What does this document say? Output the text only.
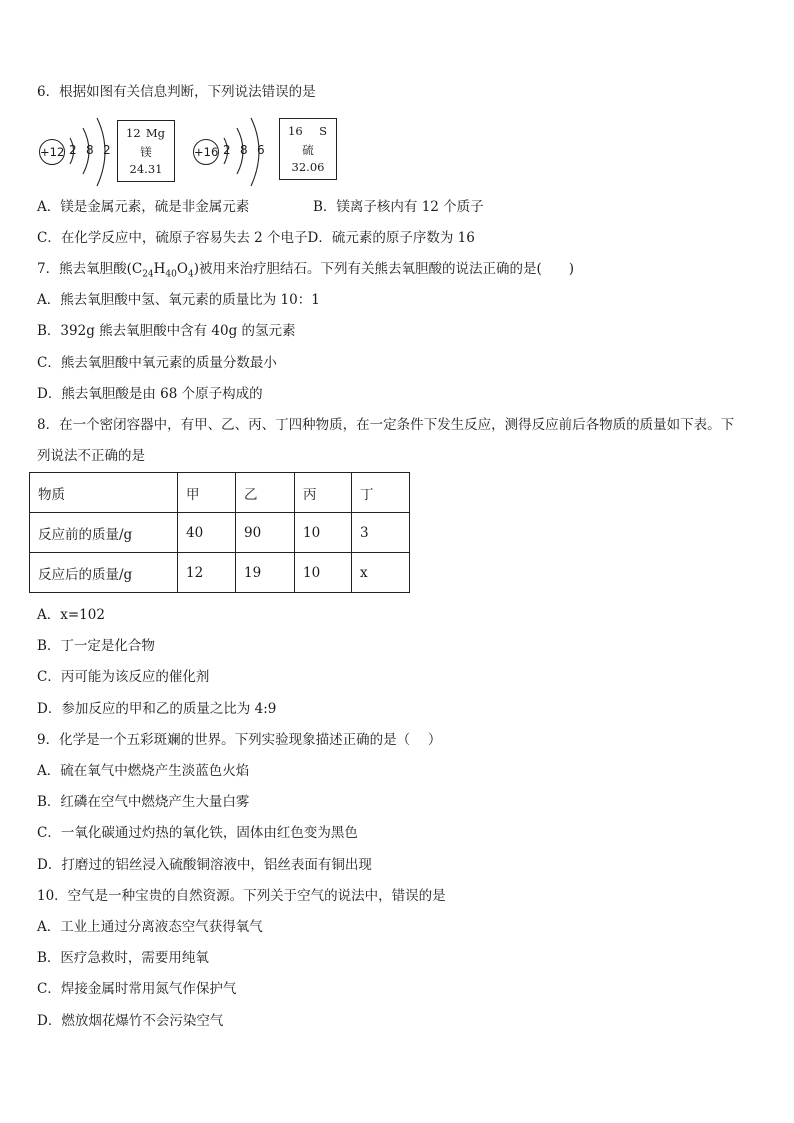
6．根据如图有关信息判断，下列说法错误的是
+12 2 8 2
12 Mg
镁
24.31
+16 2 8 6
16 S
硫
32.06
A．镁是金属元素，硫是非金属元素	B．镁离子核内有 12 个质子
C．在化学反应中，硫原子容易失去 2 个电子D．硫元素的原子序数为 16
7．熊去氧胆酸$(C_{24}H_{40}O_4)$被用来治疗胆结石。下列有关熊去氧胆酸的说法正确的是(　　)
A．熊去氧胆酸中氢、氧元素的质量比为 10：1
B．392g 熊去氧胆酸中含有 40g 的氢元素
C．熊去氧胆酸中氧元素的质量分数最小
D．熊去氧胆酸是由 68 个原子构成的
8．在一个密闭容器中，有甲、乙、丙、丁四种物质，在一定条件下发生反应，测得反应前后各物质的质量如下表。下
列说法不正确的是
物质	甲	乙	丙	丁
反应前的质量/g	40	90	10	3
反应后的质量/g	12	19	10	x
A．x=102
B．丁一定是化合物
C．丙可能为该反应的催化剂
D．参加反应的甲和乙的质量之比为 4:9
9．化学是一个五彩斑斓的世界。下列实验现象描述正确的是（　 ）
A．硫在氧气中燃烧产生淡蓝色火焰
B．红磷在空气中燃烧产生大量白雾
C．一氧化碳通过灼热的氧化铁，固体由红色变为黑色
D．打磨过的铝丝浸入硫酸铜溶液中，铝丝表面有铜出现
10．空气是一种宝贵的自然资源。下列关于空气的说法中，错误的是
A．工业上通过分离液态空气获得氧气
B．医疗急救时，需要用纯氧
C．焊接金属时常用氮气作保护气
D．燃放烟花爆竹不会污染空气
